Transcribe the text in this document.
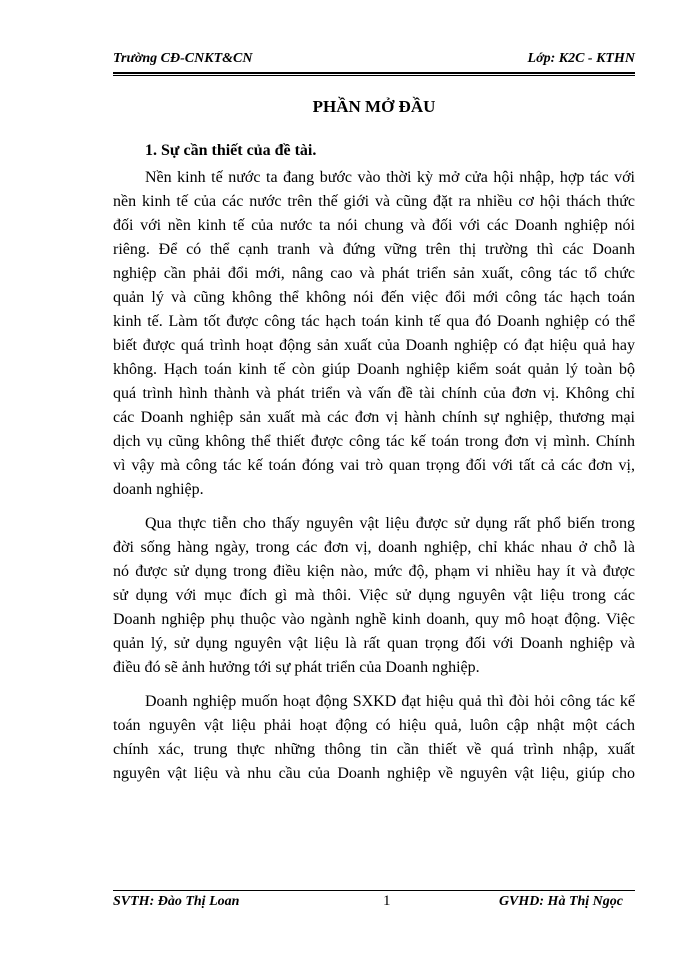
Trường CĐ-CNKT&CN	Lớp: K2C - KTHN
PHẦN MỞ ĐẦU
1. Sự cần thiết của đề tài.
Nền kinh tế nước ta đang bước vào thời kỳ mở cửa hội nhập, hợp tác với
nền kinh tế của các nước trên thế giới và cũng đặt ra nhiều cơ hội thách thức
đối với nền kinh tế của nước ta nói chung và đối với các Doanh nghiệp nói
riêng. Để có thể cạnh tranh và đứng vững trên thị trường thì các Doanh
nghiệp cần phải đổi mới, nâng cao và phát triển sản xuất, công tác tổ chức
quản lý và cũng không thể không nói đến việc đổi mới công tác hạch toán
kinh tế. Làm tốt được công tác hạch toán kinh tế qua đó Doanh nghiệp có thể
biết được quá trình hoạt động sản xuất của Doanh nghiệp có đạt hiệu quả hay
không. Hạch toán kinh tế còn giúp Doanh nghiệp kiểm soát quản lý toàn bộ
quá trình hình thành và phát triển và vấn đề tài chính của đơn vị. Không chỉ
các Doanh nghiệp sản xuất mà các đơn vị hành chính sự nghiệp, thương mại
dịch vụ cũng không thể thiết được công tác kế toán trong đơn vị mình. Chính
vì vậy mà công tác kế toán đóng vai trò quan trọng đối với tất cả các đơn vị,
doanh nghiệp.
Qua thực tiễn cho thấy nguyên vật liệu được sử dụng rất phổ biến trong
đời sống hàng ngày, trong các đơn vị, doanh nghiệp, chỉ khác nhau ở chỗ là
nó được sử dụng trong điều kiện nào, mức độ, phạm vi nhiều hay ít và được
sử dụng với mục đích gì mà thôi. Việc sử dụng nguyên vật liệu trong các
Doanh nghiệp phụ thuộc vào ngành nghề kinh doanh, quy mô hoạt động. Việc
quản lý, sử dụng nguyên vật liệu là rất quan trọng đối với Doanh nghiệp và
điều đó sẽ ảnh hưởng tới sự phát triển của Doanh nghiệp.
Doanh nghiệp muốn hoạt động SXKD đạt hiệu quả thì đòi hỏi công tác kế
toán nguyên vật liệu phải hoạt động có hiệu quả, luôn cập nhật một cách
chính xác, trung thực những thông tin cần thiết về quá trình nhập, xuất
nguyên vật liệu và nhu cầu của Doanh nghiệp về nguyên vật liệu, giúp cho
SVTH: Đào Thị Loan	1	GVHD: Hà Thị Ngọc
